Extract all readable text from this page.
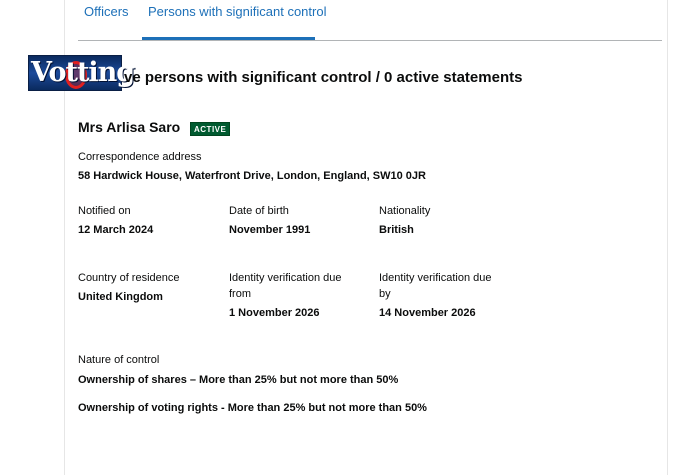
Officers	Persons with significant control
Votting
ve persons with significant control / 0 active statements
Mrs Arlisa Saro	ACTIVE
Correspondence address
58 Hardwick House, Waterfront Drive, London, England, SW10 0JR
Notified on
12 March 2024
Date of birth
November 1991
Nationality
British
Country of residence
United Kingdom
Identity verification due
from
1 November 2026
Identity verification due
by
14 November 2026
Nature of control
Ownership of shares – More than 25% but not more than 50%
Ownership of voting rights - More than 25% but not more than 50%
